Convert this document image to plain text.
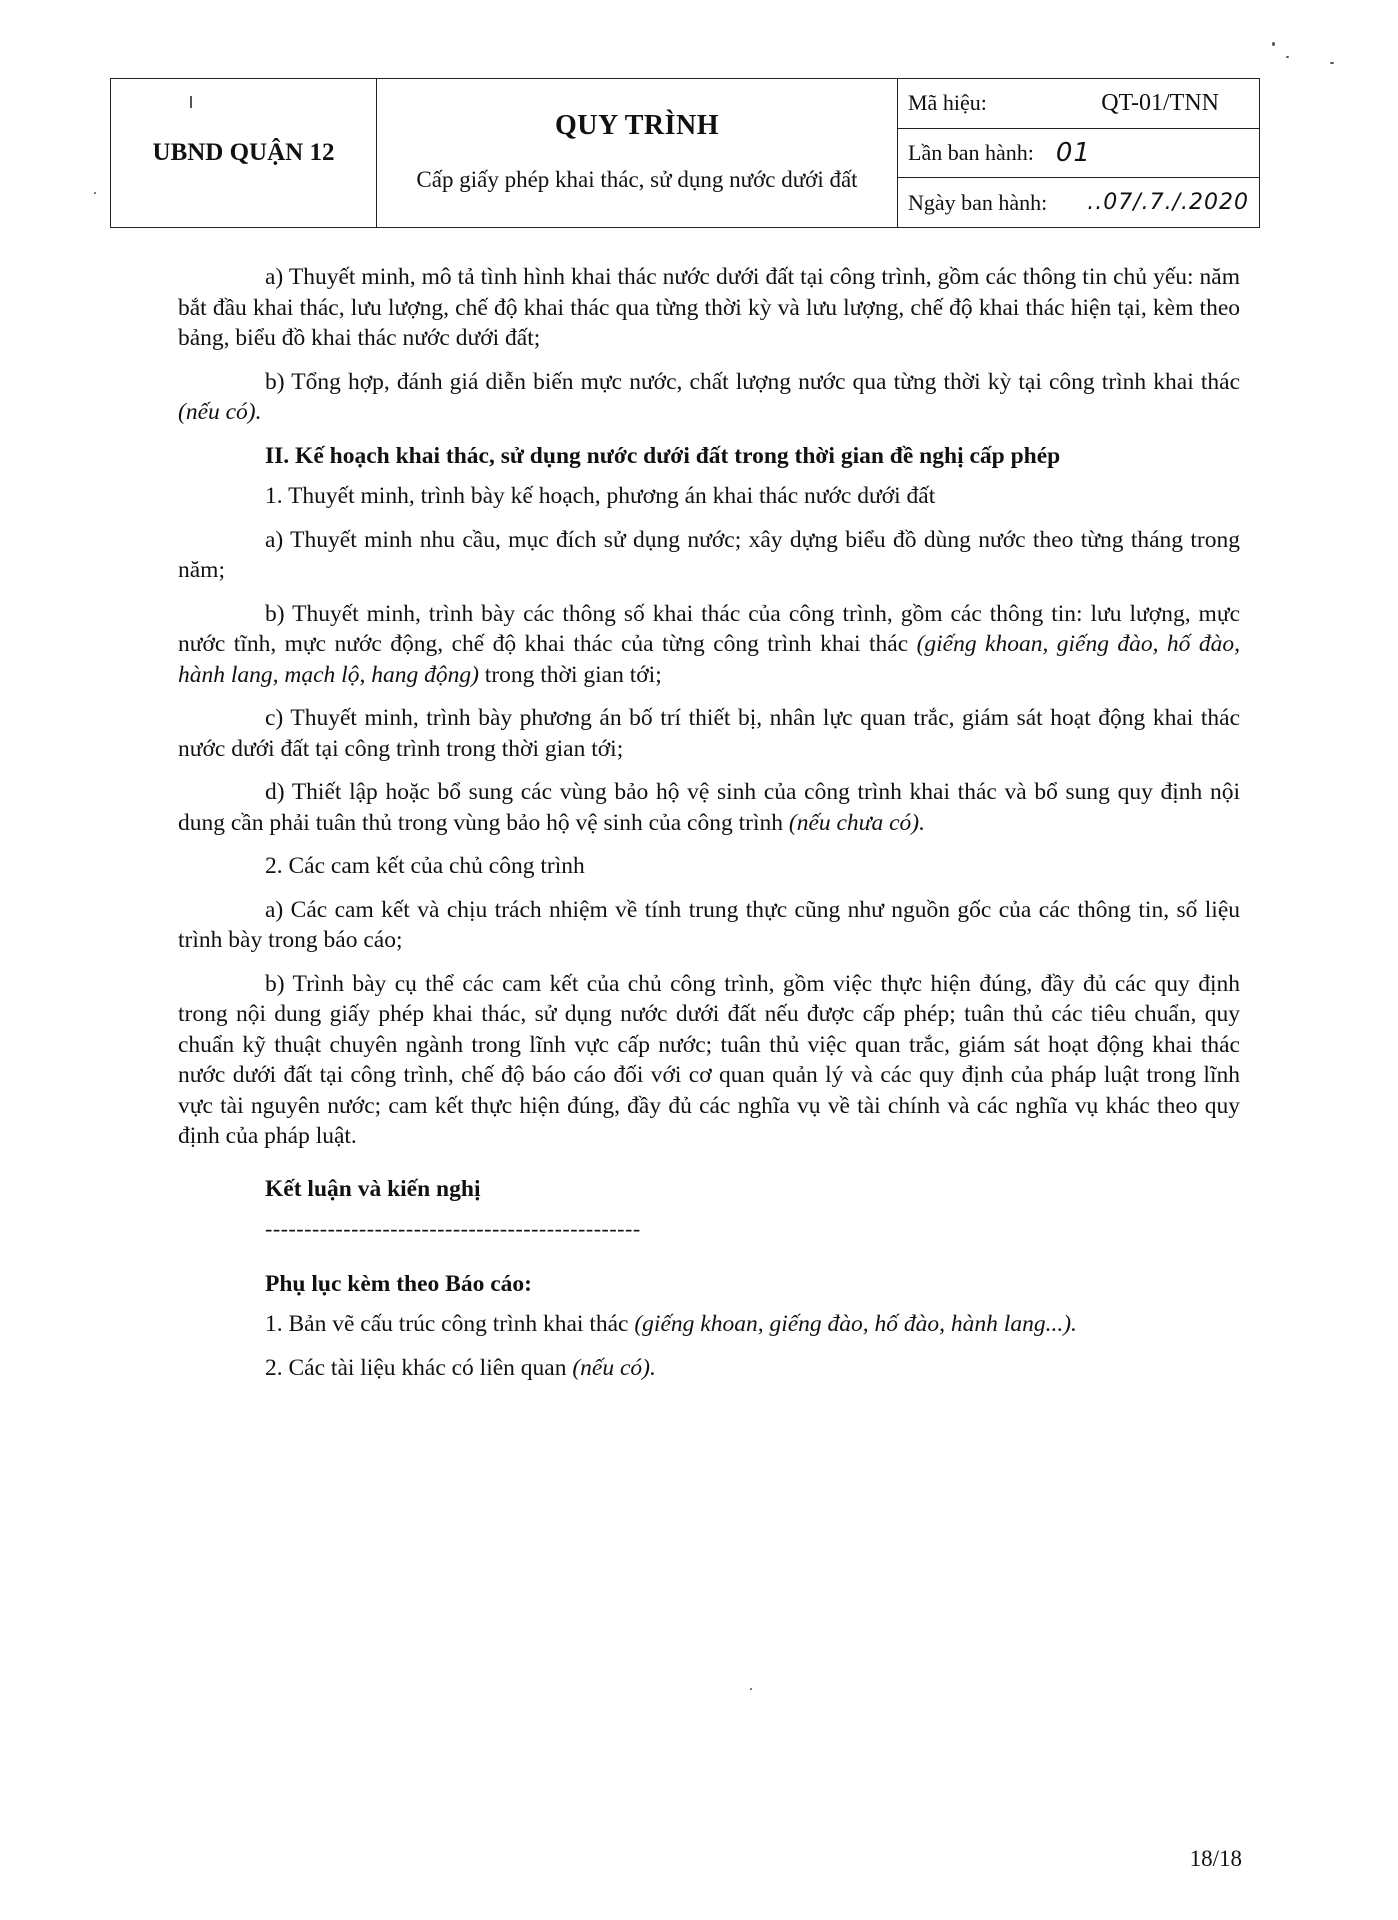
UBND QUẬN 12	
QUY TRÌNH
Cấp giấy phép khai thác, sử dụng nước dưới đất

Mã hiệu:	QT-01/TNN

Lần ban hành: 01

Ngày ban hành: ..07/.7./.2020

a) Thuyết minh, mô tả tình hình khai thác nước dưới đất tại công trình, gồm các thông tin chủ yếu: năm bắt đầu khai thác, lưu lượng, chế độ khai thác qua từng thời kỳ và lưu lượng, chế độ khai thác hiện tại, kèm theo bảng, biểu đồ khai thác nước dưới đất;

b) Tổng hợp, đánh giá diễn biến mực nước, chất lượng nước qua từng thời kỳ tại công trình khai thác (nếu có).

II. Kế hoạch khai thác, sử dụng nước dưới đất trong thời gian đề nghị cấp phép

1. Thuyết minh, trình bày kế hoạch, phương án khai thác nước dưới đất

a) Thuyết minh nhu cầu, mục đích sử dụng nước; xây dựng biểu đồ dùng nước theo từng tháng trong năm;

b) Thuyết minh, trình bày các thông số khai thác của công trình, gồm các thông tin: lưu lượng, mực nước tĩnh, mực nước động, chế độ khai thác của từng công trình khai thác (giếng khoan, giếng đào, hố đào, hành lang, mạch lộ, hang động) trong thời gian tới;

c) Thuyết minh, trình bày phương án bố trí thiết bị, nhân lực quan trắc, giám sát hoạt động khai thác nước dưới đất tại công trình trong thời gian tới;

d) Thiết lập hoặc bổ sung các vùng bảo hộ vệ sinh của công trình khai thác và bổ sung quy định nội dung cần phải tuân thủ trong vùng bảo hộ vệ sinh của công trình (nếu chưa có).

2. Các cam kết của chủ công trình

a) Các cam kết và chịu trách nhiệm về tính trung thực cũng như nguồn gốc của các thông tin, số liệu trình bày trong báo cáo;

b) Trình bày cụ thể các cam kết của chủ công trình, gồm việc thực hiện đúng, đầy đủ các quy định trong nội dung giấy phép khai thác, sử dụng nước dưới đất nếu được cấp phép; tuân thủ các tiêu chuẩn, quy chuẩn kỹ thuật chuyên ngành trong lĩnh vực cấp nước; tuân thủ việc quan trắc, giám sát hoạt động khai thác nước dưới đất tại công trình, chế độ báo cáo đối với cơ quan quản lý và các quy định của pháp luật trong lĩnh vực tài nguyên nước; cam kết thực hiện đúng, đầy đủ các nghĩa vụ về tài chính và các nghĩa vụ khác theo quy định của pháp luật.

Kết luận và kiến nghị

------------------------------------------------

Phụ lục kèm theo Báo cáo:

1. Bản vẽ cấu trúc công trình khai thác (giếng khoan, giếng đào, hố đào, hành lang...).

2. Các tài liệu khác có liên quan (nếu có).

18/18
